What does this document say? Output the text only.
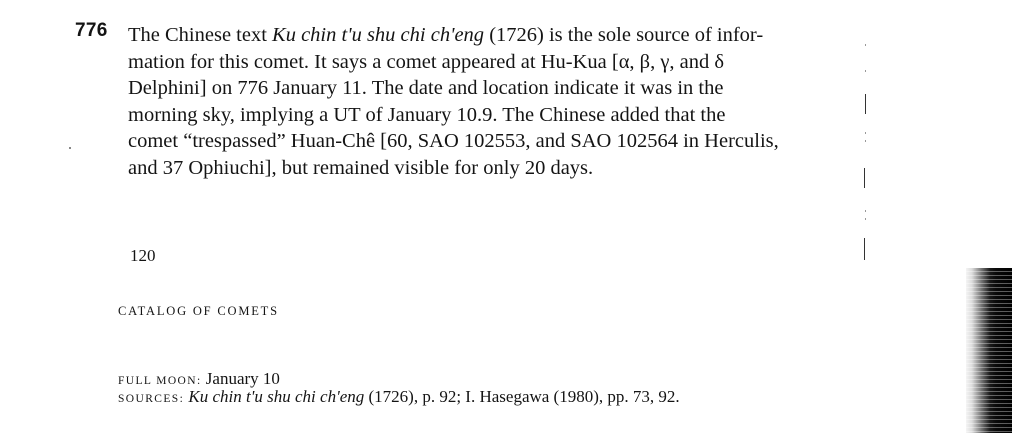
776 The Chinese text Ku chin t'u shu chi ch'eng (1726) is the sole source of infor-
mation for this comet. It says a comet appeared at Hu-Kua [α, β, γ, and δ
Delphini] on 776 January 11. The date and location indicate it was in the
morning sky, implying a UT of January 10.9. The Chinese added that the
comet “trespassed” Huan-Chê [60, SAO 102553, and SAO 102564 in Herculis,
and 37 Ophiuchi], but remained visible for only 20 days.
120
CATALOG OF COMETS
FULL MOON: January 10
SOURCES: Ku chin t'u shu chi ch'eng (1726), p. 92; I. Hasegawa (1980), pp. 73, 92.
